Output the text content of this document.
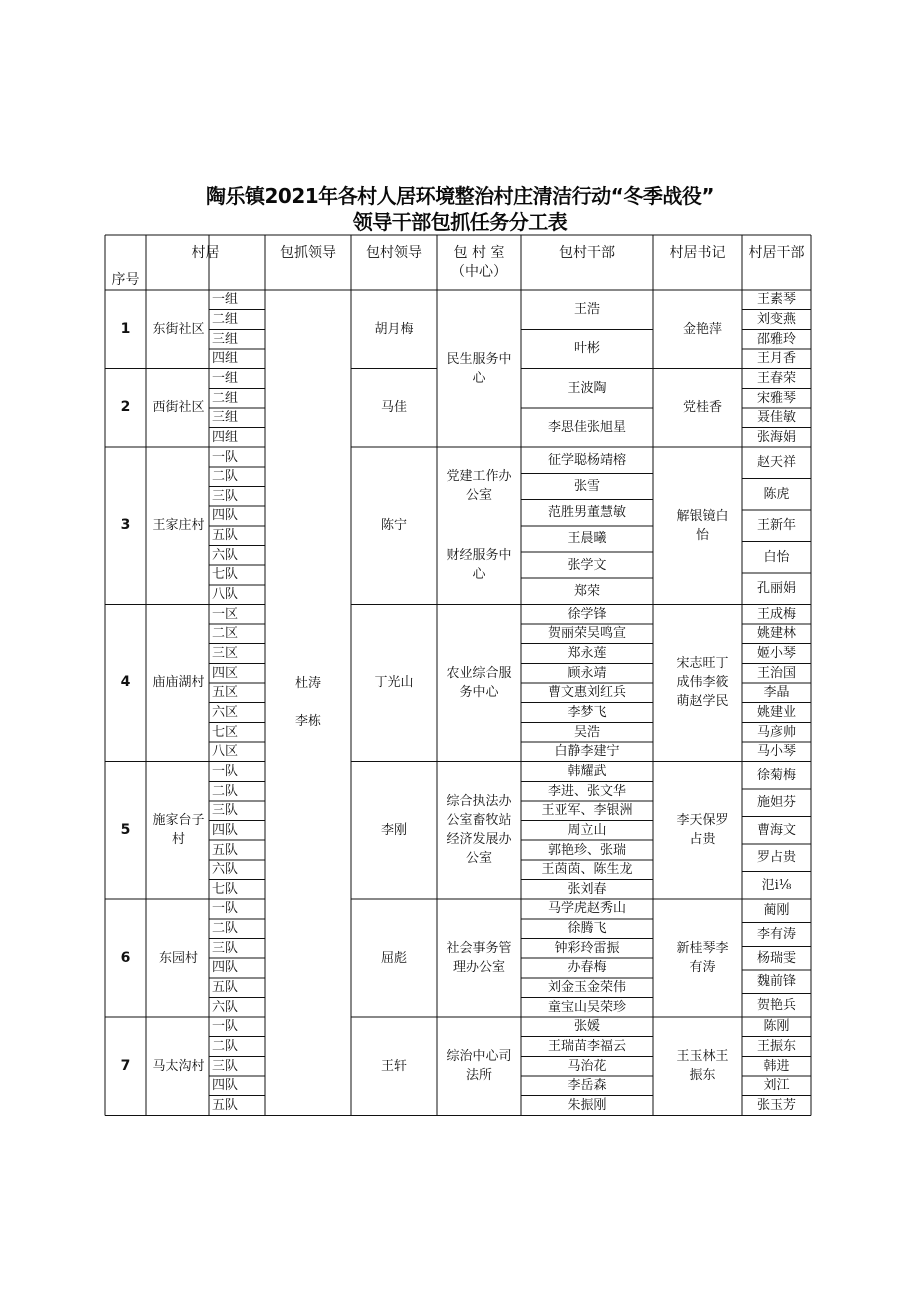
陶乐镇2021年各村人居环境整治村庄清洁行动“冬季战役”
领导干部包抓任务分工表
序号
村居	包抓领导 包村领导 包 村 室
（中心）
包村干部	村居书记 村居干部
1 东街社区
一组
二组
三组
四组
胡月梅
王浩
叶彬
金艳萍
王素琴
刘变燕
邵雅玲
王月香
2 西街社区
一组
二组
三组
四组
马佳
王波陶
李思佳张旭星
党桂香
王春荣
宋雅琴
聂佳敏
张海娟
3 王家庄村
一队
二队
三队
四队
五队
六队
七队
八队
陈宁
党建工作办公室
财经服务中心
征学聪杨靖榕
张雪
范胜男董慧敏
王晨曦
张学文
郑荣
解银镜白怡
赵天祥
陈虎
王新年
白怡
孔丽娟
4 庙庙湖村
一区
二区
三区
四区
五区
六区
七区
八区
丁光山
农业综合服务中心
徐学锋
贺丽荣吴鸣宣
郑永莲
顾永靖
曹文惠刘红兵
李梦飞
吴浩
白静李建宁
宋志旺丁成伟李筱萌赵学民
王成梅
姚建林
姬小琴
王治国
李晶
姚建业
马彦帅
马小琴
5
施家台子村
一队
二队
三队
四队
五队
六队
七队
李刚
综合执法办公室畜牧站经济发展办公室
韩耀武
李进、张文华
王亚军、李银洲
周立山
郭艳珍、张瑞
王茵茵、陈生龙
张刘春
李天保罗占贵
徐菊梅
施妲芬
曹海文
罗占贵
氾i⅛
6 东园村
一队
二队
三队
四队
五队
六队
屈彪
社会事务管理办公室
马学虎赵秀山
徐腾飞
钟彩玲雷振
办春梅
刘金玉金荣伟
童宝山吴荣珍
新桂琴李有涛
蔺刚
李有涛
杨瑞雯
魏前锋
贺艳兵
7 马太沟村
一队
二队
三队
四队
五队
王轩
综治中心司法所
张媛
王瑞苗李福云
马治花
李岳森
朱振刚
王玉林王振东
陈刚
王振东
韩进
刘江
张玉芳
民生服务中心
杜涛

李栋
